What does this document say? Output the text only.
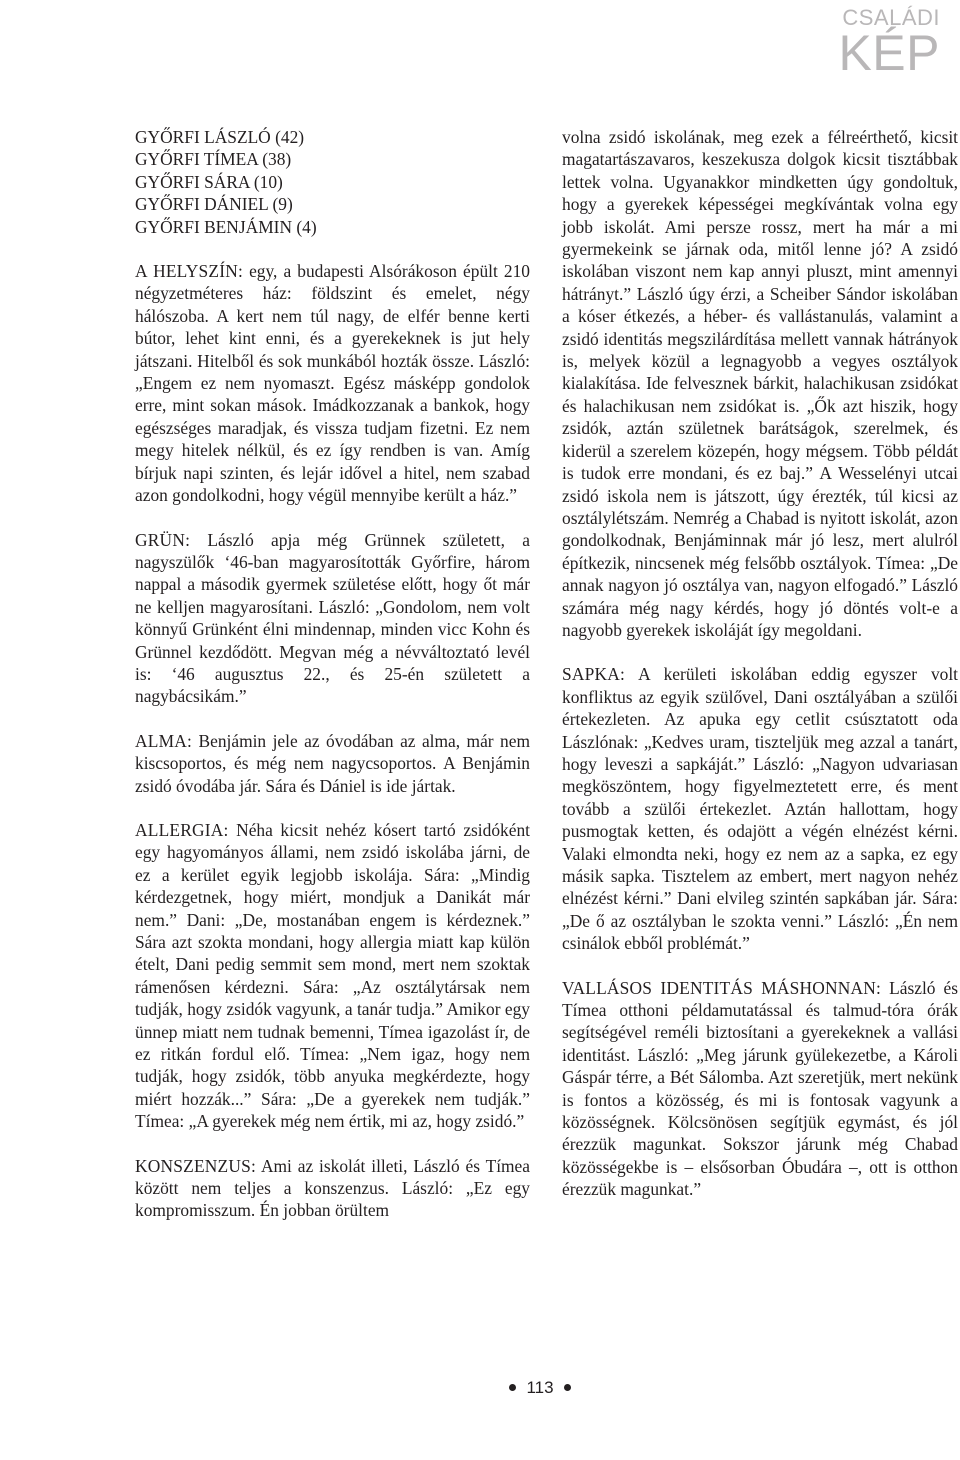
CSALÁDI
KÉP
GYŐRFI LÁSZLÓ (42)
GYŐRFI TÍMEA (38)
GYŐRFI SÁRA (10)
GYŐRFI DÁNIEL (9)
GYŐRFI BENJÁMIN (4)

A HELYSZÍN: egy, a budapesti Alsórákoson épült 210 négyzetméteres ház: földszint és emelet, négy hálószoba. A kert nem túl nagy, de elfér benne kerti bútor, lehet kint enni, és a gyerekeknek is jut hely játszani. Hitelből és sok munkából hozták össze. László: „Engem ez nem nyomaszt. Egész másképp gondolok erre, mint sokan mások. Imádkozzanak a bankok, hogy egészséges maradjak, és vissza tudjam fizetni. Ez nem megy hitelek nélkül, és ez így rendben is van. Amíg bírjuk napi szinten, és lejár idővel a hitel, nem szabad azon gondolkodni, hogy végül mennyibe került a ház.”

GRÜN: László apja még Grünnek született, a nagyszülők ‘46-ban magyarosították Győrfire, három nappal a második gyermek születése előtt, hogy őt már ne kelljen magyarosítani. László: „Gondolom, nem volt könnyű Grünként élni mindennap, minden vicc Kohn és Grünnel kezdődött. Megvan még a névváltoztató levél is: ‘46 augusztus 22., és 25-én született a nagybácsikám.”

ALMA: Benjámin jele az óvodában az alma, már nem kiscsoportos, és még nem nagycsoportos. A Benjámin zsidó óvodába jár. Sára és Dániel is ide jártak.

ALLERGIA: Néha kicsit nehéz kósert tartó zsidóként egy hagyományos állami, nem zsidó iskolába járni, de ez a kerület egyik legjobb iskolája. Sára: „Mindig kérdezgetnek, hogy miért, mondjuk a Danikát már nem.” Dani: „De, mostanában engem is kérdeznek.” Sára azt szokta mondani, hogy allergia miatt kap külön ételt, Dani pedig semmit sem mond, mert nem szoktak rámenősen kérdezni. Sára: „Az osztálytársak nem tudják, hogy zsidók vagyunk, a tanár tudja.” Amikor egy ünnep miatt nem tudnak bemenni, Tímea igazolást ír, de ez ritkán fordul elő. Tímea: „Nem igaz, hogy nem tudják, hogy zsidók, több anyuka megkérdezte, hogy miért hozzák...” Sára: „De a gyerekek nem tudják.” Tímea: „A gyerekek még nem értik, mi az, hogy zsidó.”

KONSZENZUS: Ami az iskolát illeti, László és Tímea között nem teljes a konszenzus. László: „Ez egy kompromisszum. Én jobban örültem

volna zsidó iskolának, meg ezek a félreérthető, kicsit magatartászavaros, keszekusza dolgok kicsit tisztábbak lettek volna. Ugyanakkor mindketten úgy gondoltuk, hogy a gyerekek képességei megkívántak volna egy jobb iskolát. Ami persze rossz, mert ha már a mi gyermekeink se járnak oda, mitől lenne jó? A zsidó iskolában viszont nem kap annyi pluszt, mint amennyi hátrányt.” László úgy érzi, a Scheiber Sándor iskolában a kóser étkezés, a héber- és vallástanulás, valamint a zsidó identitás megszilárdítása mellett vannak hátrányok is, melyek közül a legnagyobb a vegyes osztályok kialakítása. Ide felvesznek bárkit, halachikusan zsidókat és halachikusan nem zsidókat is. „Ők azt hiszik, hogy zsidók, aztán születnek barátságok, szerelmek, és kiderül a szerelem közepén, hogy mégsem. Több példát is tudok erre mondani, és ez baj.” A Wesselényi utcai zsidó iskola nem is játszott, úgy érezték, túl kicsi az osztálylétszám. Nemrég a Chabad is nyitott iskolát, azon gondolkodnak, Benjáminnak már jó lesz, mert alulról építkezik, nincsenek még felsőbb osztályok. Tímea: „De annak nagyon jó osztálya van, nagyon elfogadó.” László számára még nagy kérdés, hogy jó döntés volt-e a nagyobb gyerekek iskoláját így megoldani.

SAPKA: A kerületi iskolában eddig egyszer volt konfliktus az egyik szülővel, Dani osztályában a szülői értekezleten. Az apuka egy cetlit csúsztatott oda Lászlónak: „Kedves uram, tiszteljük meg azzal a tanárt, hogy leveszi a sapkáját.” László: „Nagyon udvariasan megköszöntem, hogy figyelmeztetett erre, és ment tovább a szülői értekezlet. Aztán hallottam, hogy pusmogtak ketten, és odajött a végén elnézést kérni. Valaki elmondta neki, hogy ez nem az a sapka, ez egy másik sapka. Tisztelem az embert, mert nagyon nehéz elnézést kérni.” Dani elvileg szintén sapkában jár. Sára: „De ő az osztályban le szokta venni.” László: „Én nem csinálok ebből problémát.”

VALLÁSOS IDENTITÁS MÁSHONNAN: László és Tímea otthoni példamutatással és talmud-tóra órák segítségével reméli biztosítani a gyerekeknek a vallási identitást. László: „Meg járunk gyülekezetbe, a Károli Gáspár térre, a Bét Sálomba. Azt szeretjük, mert nekünk is fontos a közösség, és mi is fontosak vagyunk a közösségnek. Kölcsönösen segítjük egymást, és jól érezzük magunkat. Sokszor járunk még Chabad közösségekbe is – elsősorban Óbudára –, ott is otthon érezzük magunkat.”

113
